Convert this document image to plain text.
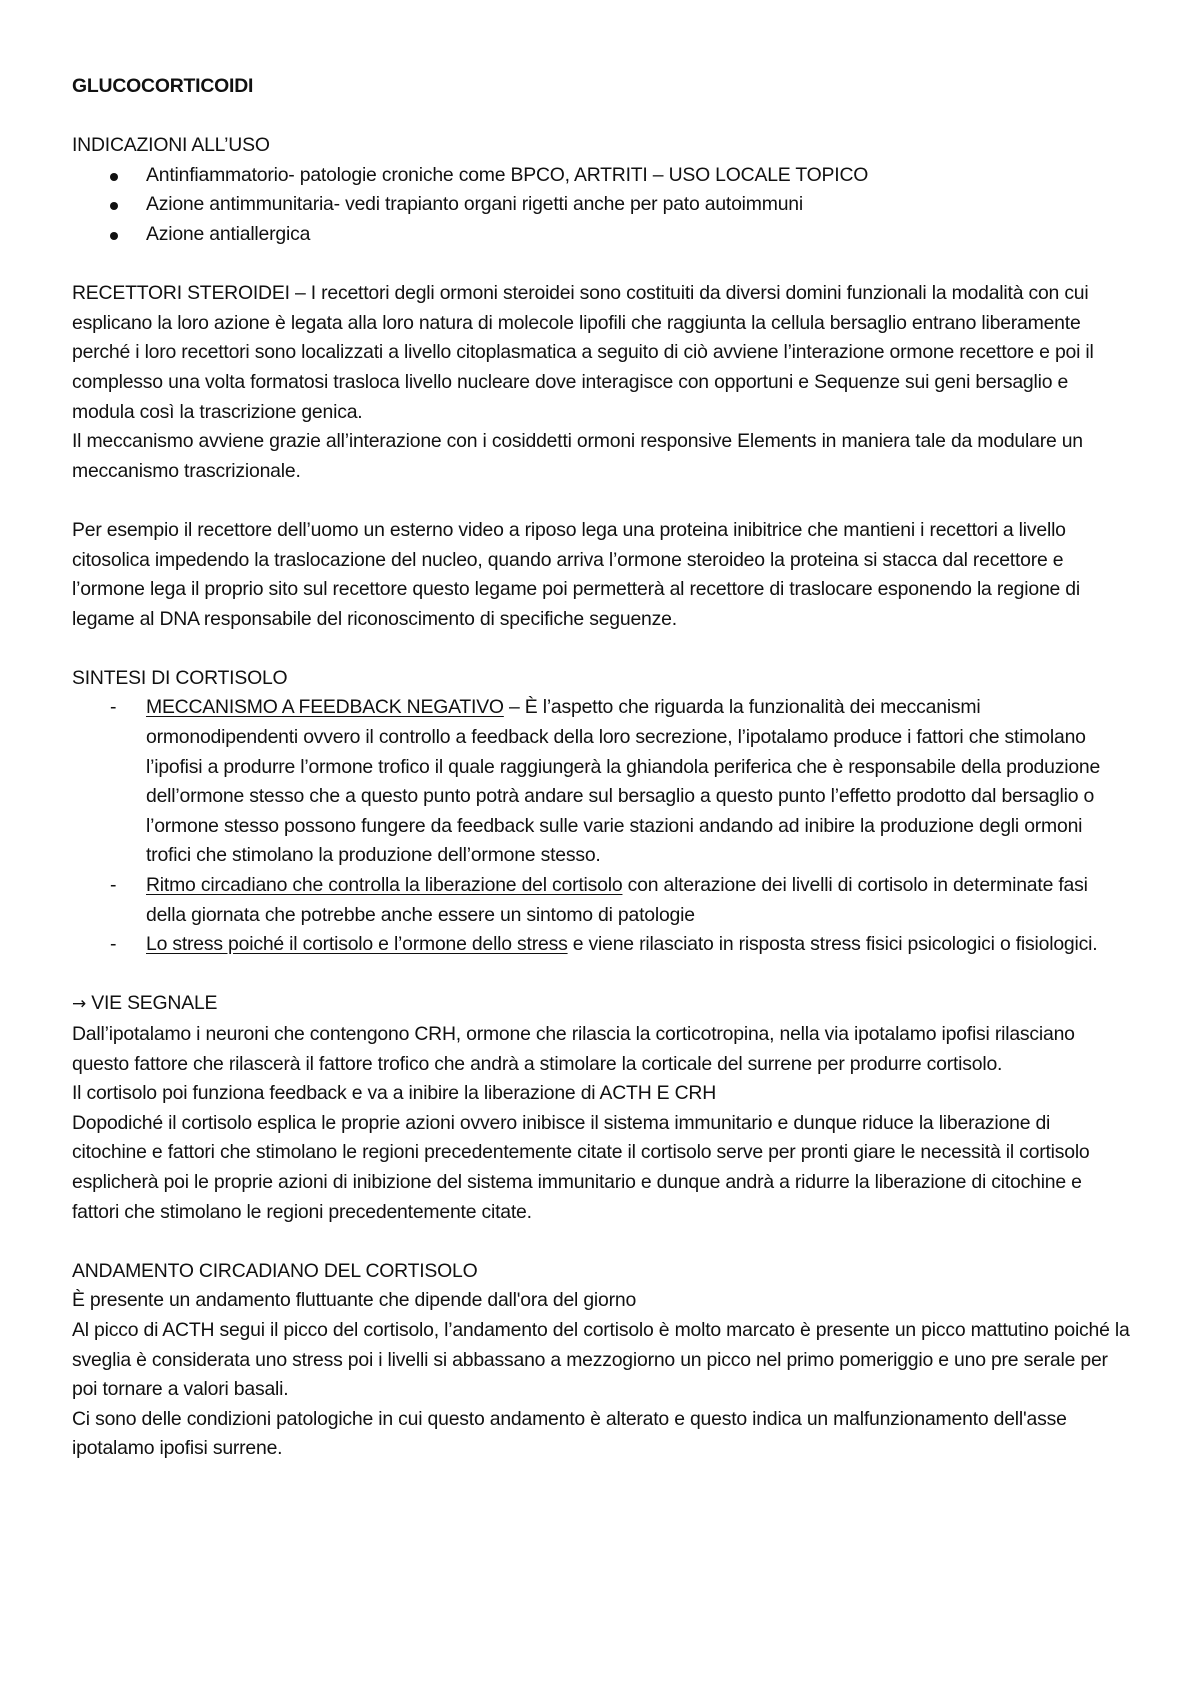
GLUCOCORTICOIDI

INDICAZIONI ALL’USO

Antinfiammatorio- patologie croniche come BPCO, ARTRITI – USO LOCALE TOPICO
Azione antimmunitaria- vedi trapianto organi rigetti anche per pato autoimmuni
Azione antiallergica

RECETTORI STEROIDEI – I recettori degli ormoni steroidei sono costituiti da diversi domini funzionali la modalità con cui esplicano la loro azione è legata alla loro natura di molecole lipofili che raggiunta la cellula bersaglio entrano liberamente perché i loro recettori sono localizzati a livello citoplasmatica a seguito di ciò avviene l’interazione ormone recettore e poi il complesso una volta formatosi trasloca livello nucleare dove interagisce con opportuni e Sequenze sui geni bersaglio e modula così la trascrizione genica.

Il meccanismo avviene grazie all’interazione con i cosiddetti ormoni responsive Elements in maniera tale da modulare un meccanismo trascrizionale.

Per esempio il recettore dell’uomo un esterno video a riposo lega una proteina inibitrice che mantieni i recettori a livello citosolica impedendo la traslocazione del nucleo, quando arriva l’ormone steroideo la proteina si stacca dal recettore e l’ormone lega il proprio sito sul recettore questo legame poi permetterà al recettore di traslocare esponendo la regione di legame al DNA responsabile del riconoscimento di specifiche seguenze.

SINTESI DI CORTISOLO

- MECCANISMO A FEEDBACK NEGATIVO – È l’aspetto che riguarda la funzionalità dei meccanismi ormonodipendenti ovvero il controllo a feedback della loro secrezione, l’ipotalamo produce i fattori che stimolano l’ipofisi a produrre l’ormone trofico il quale raggiungerà la ghiandola periferica che è responsabile della produzione dell’ormone stesso che a questo punto potrà andare sul bersaglio a questo punto l’effetto prodotto dal bersaglio o l’ormone stesso possono fungere da feedback sulle varie stazioni andando ad inibire la produzione degli ormoni trofici che stimolano la produzione dell’ormone stesso.
- Ritmo circadiano che controlla la liberazione del cortisolo con alterazione dei livelli di cortisolo in determinate fasi della giornata che potrebbe anche essere un sintomo di patologie
- Lo stress poiché il cortisolo e l’ormone dello stress e viene rilasciato in risposta stress fisici psicologici o fisiologici.

→ VIE SEGNALE

Dall’ipotalamo i neuroni che contengono CRH, ormone che rilascia la corticotropina, nella via ipotalamo ipofisi rilasciano questo fattore che rilascerà il fattore trofico che andrà a stimolare la corticale del surrene per produrre cortisolo.

Il cortisolo poi funziona feedback e va a inibire la liberazione di ACTH E CRH

Dopodiché il cortisolo esplica le proprie azioni ovvero inibisce il sistema immunitario e dunque riduce la liberazione di citochine e fattori che stimolano le regioni precedentemente citate il cortisolo serve per pronti giare le necessità il cortisolo esplicherà poi le proprie azioni di inibizione del sistema immunitario e dunque andrà a ridurre la liberazione di citochine e fattori che stimolano le regioni precedentemente citate.

ANDAMENTO CIRCADIANO DEL CORTISOLO

È presente un andamento fluttuante che dipende dall'ora del giorno

Al picco di ACTH segui il picco del cortisolo, l’andamento del cortisolo è molto marcato è presente un picco mattutino poiché la sveglia è considerata uno stress poi i livelli si abbassano a mezzogiorno un picco nel primo pomeriggio e uno pre serale per poi tornare a valori basali.

Ci sono delle condizioni patologiche in cui questo andamento è alterato e questo indica un malfunzionamento dell'asse ipotalamo ipofisi surrene.
